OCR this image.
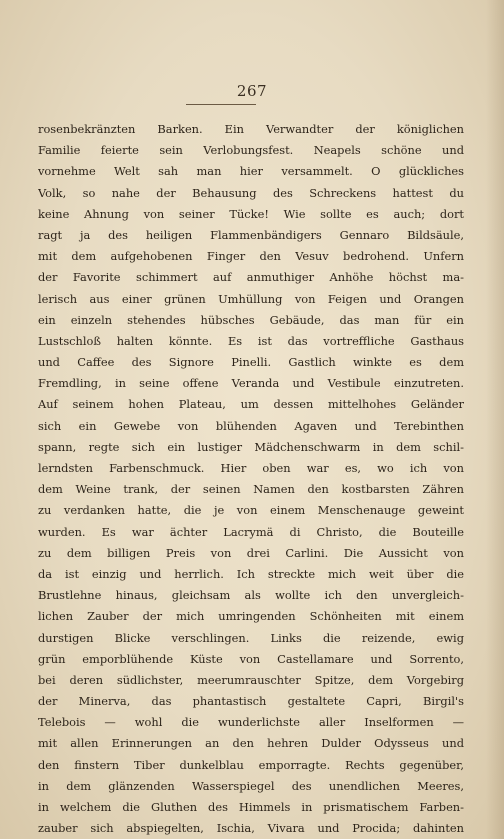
267
rosenbekränzten Barken. Ein Verwandter der königlichen
Familie feierte sein Verlobungsfest. Neapels schöne und
vornehme Welt sah man hier versammelt. O glückliches
Volk, so nahe der Behausung des Schreckens hattest du
keine Ahnung von seiner Tücke! Wie sollte es auch; dort
ragt ja des heiligen Flammenbändigers Gennaro Bildsäule,
mit dem aufgehobenen Finger den Vesuv bedrohend. Unfern
der Favorite schimmert auf anmuthiger Anhöhe höchst ma-
lerisch aus einer grünen Umhüllung von Feigen und Orangen
ein einzeln stehendes hübsches Gebäude, das man für ein
Lustschloß halten könnte. Es ist das vortreffliche Gasthaus
und Caffee des Signore Pinelli. Gastlich winkte es dem
Fremdling, in seine offene Veranda und Vestibule einzutreten.
Auf seinem hohen Plateau, um dessen mittelhohes Geländer
sich ein Gewebe von blühenden Agaven und Terebinthen
spann, regte sich ein lustiger Mädchenschwarm in dem schil-
lerndsten Farbenschmuck. Hier oben war es, wo ich von
dem Weine trank, der seinen Namen den kostbarsten Zähren
zu verdanken hatte, die je von einem Menschenauge geweint
wurden. Es war ächter Lacrymä di Christo, die Bouteille
zu dem billigen Preis von drei Carlini. Die Aussicht von
da ist einzig und herrlich. Ich streckte mich weit über die
Brustlehne hinaus, gleichsam als wollte ich den unvergleich-
lichen Zauber der mich umringenden Schönheiten mit einem
durstigen Blicke verschlingen. Links die reizende, ewig
grün emporblühende Küste von Castellamare und Sorrento,
bei deren südlichster, meerumrauschter Spitze, dem Vorgebirg
der Minerva, das phantastisch gestaltete Capri, Birgil's
Telebois — wohl die wunderlichste aller Inselformen —
mit allen Erinnerungen an den hehren Dulder Odysseus und
den finstern Tiber dunkelblau emporragte. Rechts gegenüber,
in dem glänzenden Wasserspiegel des unendlichen Meeres,
in welchem die Gluthen des Himmels in prismatischem Farben-
zauber sich abspiegelten, Ischia, Vivara und Procida; dahinten
